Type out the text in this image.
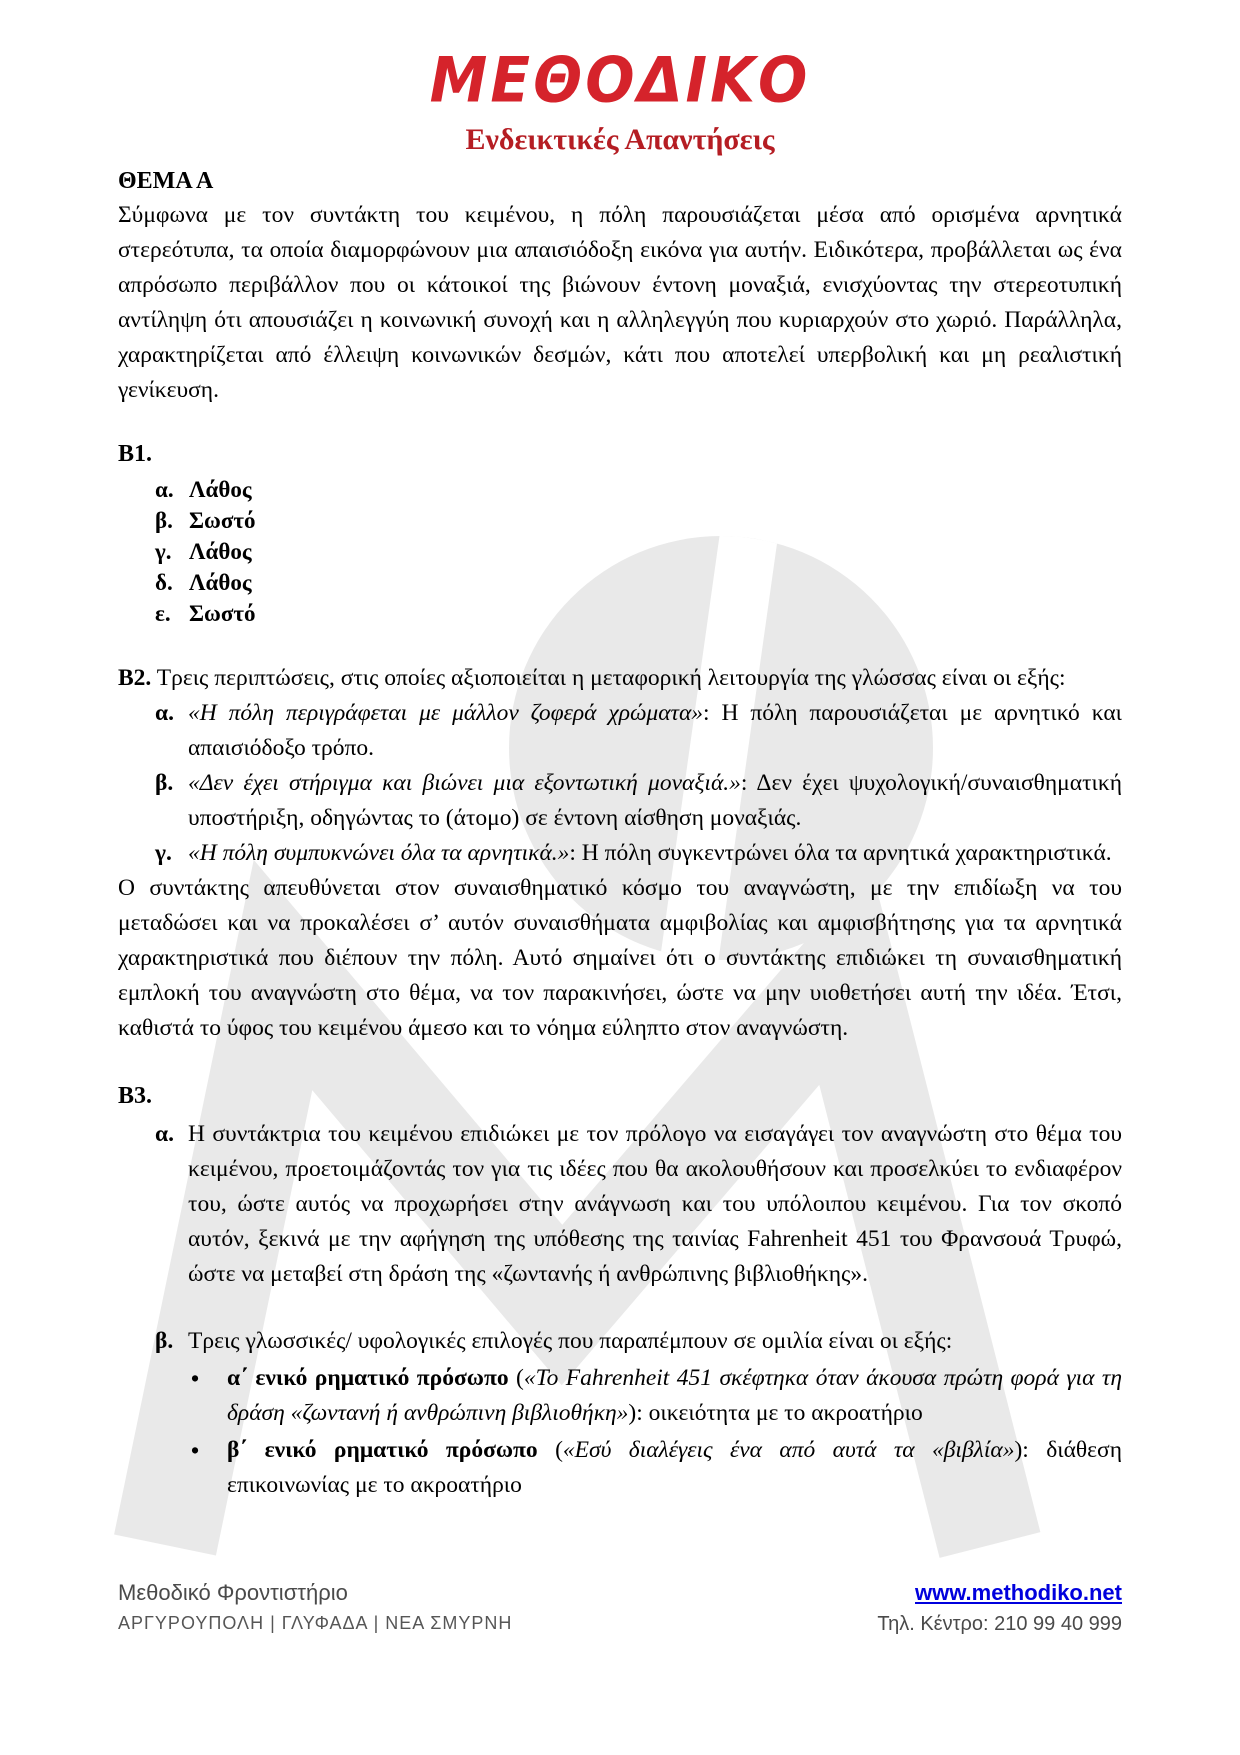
ΜΕΘΟΔΙΚΟ
Ενδεικτικές Απαντήσεις
ΘΕΜΑ Α

Σύμφωνα με τον συντάκτη του κειμένου, η πόλη παρουσιάζεται μέσα από ορισμένα αρνητικά στερεότυπα, τα οποία διαμορφώνουν μια απαισιόδοξη εικόνα για αυτήν. Ειδικότερα, προβάλλεται ως ένα απρόσωπο περιβάλλον που οι κάτοικοί της βιώνουν έντονη μοναξιά, ενισχύοντας την στερεοτυπική αντίληψη ότι απουσιάζει η κοινωνική συνοχή και η αλληλεγγύη που κυριαρχούν στο χωριό. Παράλληλα, χαρακτηρίζεται από έλλειψη κοινωνικών δεσμών, κάτι που αποτελεί υπερβολική και μη ρεαλιστική γενίκευση.

Β1.
α. Λάθος
β. Σωστό
γ. Λάθος
δ. Λάθος
ε. Σωστό

Β2. Τρεις περιπτώσεις, στις οποίες αξιοποιείται η μεταφορική λειτουργία της γλώσσας είναι οι εξής:

α. «Η πόλη περιγράφεται με μάλλον ζοφερά χρώματα»: Η πόλη παρουσιάζεται με αρνητικό και απαισιόδοξο τρόπο.
β. «Δεν έχει στήριγμα και βιώνει μια εξοντωτική μοναξιά.»: Δεν έχει ψυχολογική/συναισθηματική υποστήριξη, οδηγώντας το (άτομο) σε έντονη αίσθηση μοναξιάς.
γ. «Η πόλη συμπυκνώνει όλα τα αρνητικά.»: Η πόλη συγκεντρώνει όλα τα αρνητικά χαρακτηριστικά.

Ο συντάκτης απευθύνεται στον συναισθηματικό κόσμο του αναγνώστη, με την επιδίωξη να του μεταδώσει και να προκαλέσει σ’ αυτόν συναισθήματα αμφιβολίας και αμφισβήτησης για τα αρνητικά χαρακτηριστικά που διέπουν την πόλη. Αυτό σημαίνει ότι ο συντάκτης επιδιώκει τη συναισθηματική εμπλοκή του αναγνώστη στο θέμα, να τον παρακινήσει, ώστε να μην υιοθετήσει αυτή την ιδέα. Έτσι, καθιστά το ύφος του κειμένου άμεσο και το νόημα εύληπτο στον αναγνώστη.

Β3.
α. Η συντάκτρια του κειμένου επιδιώκει με τον πρόλογο να εισαγάγει τον αναγνώστη στο θέμα του κειμένου, προετοιμάζοντάς τον για τις ιδέες που θα ακολουθήσουν και προσελκύει το ενδιαφέρον του, ώστε αυτός να προχωρήσει στην ανάγνωση και του υπόλοιπου κειμένου. Για τον σκοπό αυτόν, ξεκινά με την αφήγηση της υπόθεσης της ταινίας Fahrenheit 451 του Φρανσουά Τρυφώ, ώστε να μεταβεί στη δράση της «ζωντανής ή ανθρώπινης βιβλιοθήκης».
β. Τρεις γλωσσικές/ υφολογικές επιλογές που παραπέμπουν σε ομιλία είναι οι εξής:
•	α΄ ενικό ρηματικό πρόσωπο («Το Fahrenheit 451 σκέφτηκα όταν άκουσα πρώτη φορά για τη δράση «ζωντανή ή ανθρώπινη βιβλιοθήκη»): οικειότητα με το ακροατήριο
•	β΄ ενικό ρηματικό πρόσωπο («Εσύ διαλέγεις ένα από αυτά τα «βιβλία»): διάθεση επικοινωνίας με το ακροατήριο
Μεθοδικό Φροντιστήριο
ΑΡΓΥΡΟΥΠΟΛΗ | ΓΛΥΦΑΔΑ | ΝΕΑ ΣΜΥΡΝΗ
www.methodiko.net
Τηλ. Κέντρο: 210 99 40 999
